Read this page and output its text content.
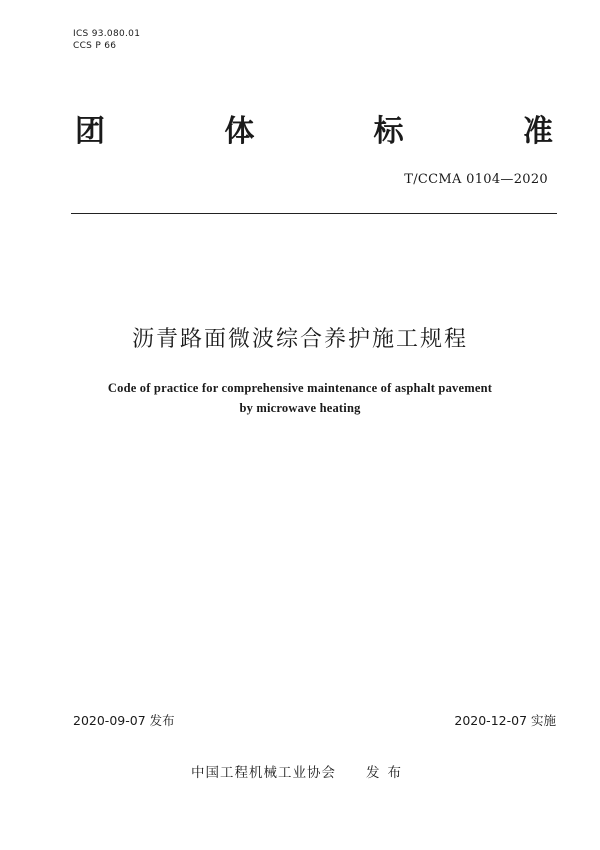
ICS 93.080.01
CCS P 66
团	体	标	准
T/CCMA 0104—2020
沥青路面微波综合养护施工规程
Code of practice for comprehensive maintenance of asphalt pavement
by microwave heating
2020-09-07 发布	2020-12-07 实施
中国工程机械工业协会 发布
